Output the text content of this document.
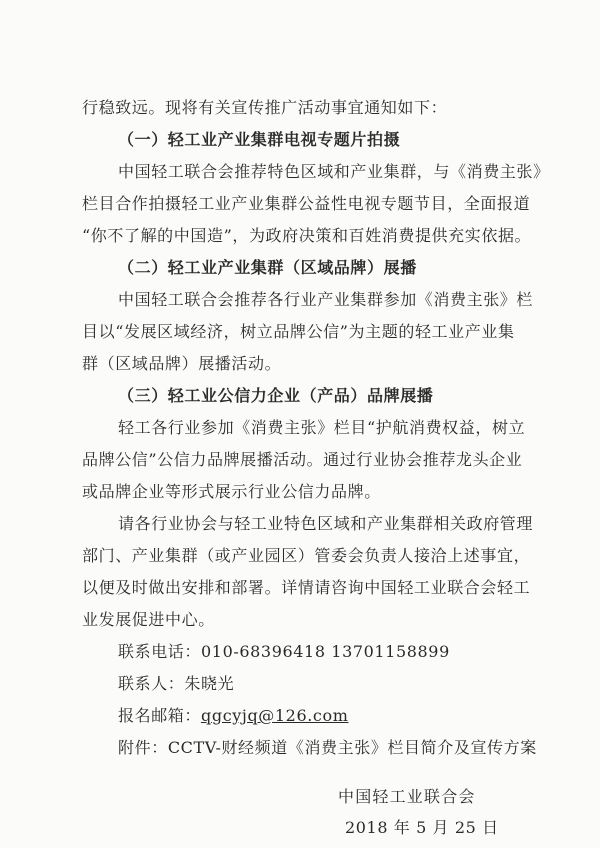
行稳致远。现将有关宣传推广活动事宜通知如下：
（一）轻工业产业集群电视专题片拍摄
中国轻工联合会推荐特色区域和产业集群，与《消费主张》
栏目合作拍摄轻工业产业集群公益性电视专题节目，全面报道
“你不了解的中国造”，为政府决策和百姓消费提供充实依据。
（二）轻工业产业集群（区域品牌）展播
中国轻工联合会推荐各行业产业集群参加《消费主张》栏
目以“发展区域经济，树立品牌公信”为主题的轻工业产业集
群（区域品牌）展播活动。
（三）轻工业公信力企业（产品）品牌展播
轻工各行业参加《消费主张》栏目“护航消费权益，树立
品牌公信”公信力品牌展播活动。通过行业协会推荐龙头企业
或品牌企业等形式展示行业公信力品牌。
请各行业协会与轻工业特色区域和产业集群相关政府管理
部门、产业集群（或产业园区）管委会负责人接洽上述事宜，
以便及时做出安排和部署。详情请咨询中国轻工业联合会轻工
业发展促进中心。
联系电话：010-68396418 13701158899
联系人：朱晓光
报名邮箱：qgcyjq@126.com
附件：CCTV-财经频道《消费主张》栏目简介及宣传方案
中国轻工业联合会
2018 年 5 月 25 日
